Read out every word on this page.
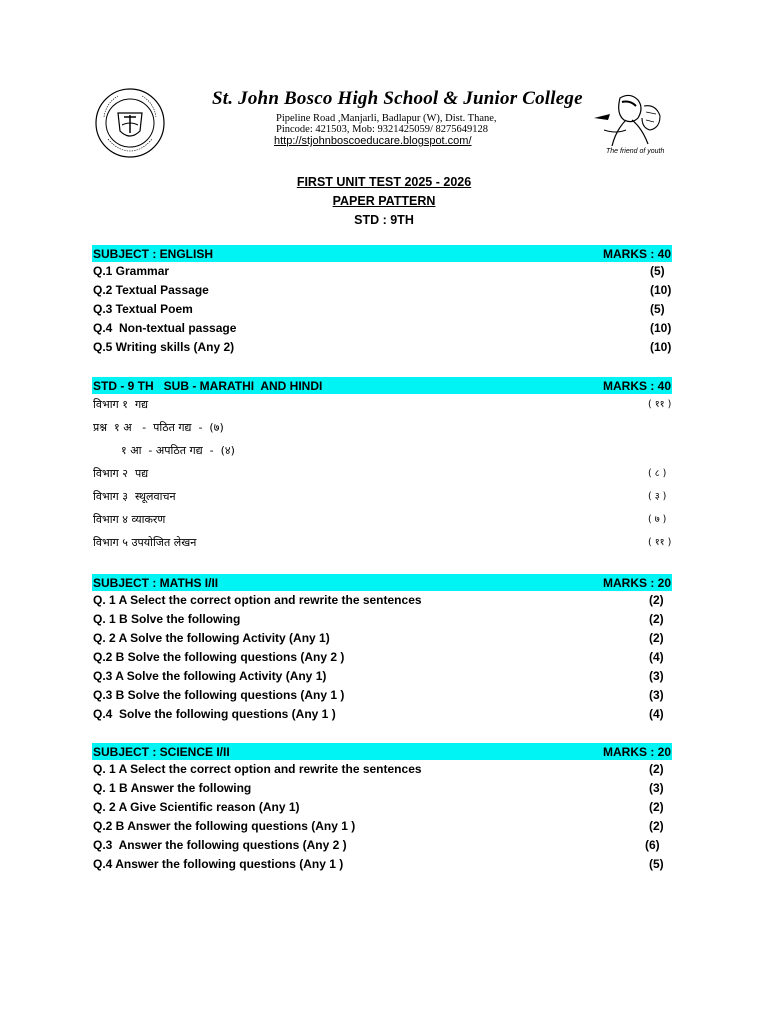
St. John Bosco High School & Junior College
Pipeline Road ,Manjarli, Badlapur (W), Dist. Thane,
Pincode: 421503, Mob: 9321425059/ 8275649128
http://stjohnboscoeducare.blogspot.com/
The friend of youth
FIRST UNIT TEST 2025 - 2026
PAPER PATTERN
STD : 9TH
SUBJECT : ENGLISH	MARKS : 40
Q.1 Grammar	(5)
Q.2 Textual Passage	(10)
Q.3 Textual Poem	(5)
Q.4  Non-textual passage	(10)
Q.5 Writing skills (Any 2)	(10)
STD - 9 TH   SUB - MARATHI  AND HINDI	MARKS : 40
विभाग १  गद्य	( ११ )
प्रश्न  १ अ   -  पठित गद्य  -  (७)
१ आ  - अपठित गद्य  -  (४)
विभाग २  पद्य	( ८ )
विभाग ३  स्थूलवाचन	( ३ )
विभाग ४ व्याकरण	( ७ )
विभाग ५ उपयोजित लेखन	( ११ )
SUBJECT : MATHS I/II	MARKS : 20
Q. 1 A Select the correct option and rewrite the sentences	(2)
Q. 1 B Solve the following	(2)
Q. 2 A Solve the following Activity (Any 1)	(2)
Q.2 B Solve the following questions (Any 2 )	(4)
Q.3 A Solve the following Activity (Any 1)	(3)
Q.3 B Solve the following questions (Any 1 )	(3)
Q.4  Solve the following questions (Any 1 )	(4)
SUBJECT : SCIENCE I/II	MARKS : 20
Q. 1 A Select the correct option and rewrite the sentences	(2)
Q. 1 B Answer the following	(3)
Q. 2 A Give Scientific reason (Any 1)	(2)
Q.2 B Answer the following questions (Any 1 )	(2)
Q.3  Answer the following questions (Any 2 )	(6)
Q.4 Answer the following questions (Any 1 )	(5)
